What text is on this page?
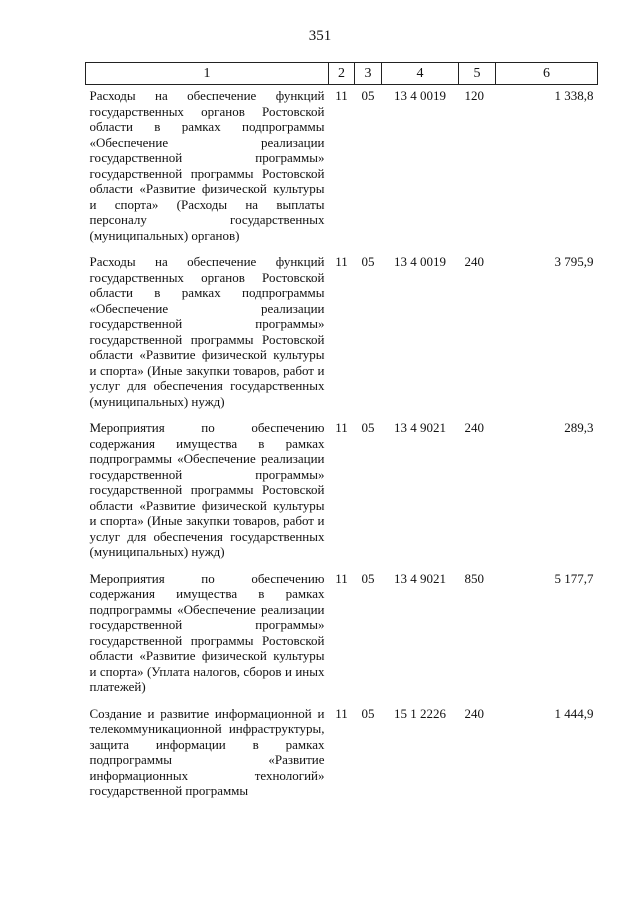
351
1	2	3	4	5	6
Расходы на обеспечение функций государственных органов Ростовской области в рамках подпрограммы «Обеспечение реализации государственной программы» государственной программы Ростовской области «Развитие физической культуры и спорта» (Расходы на выплаты персоналу государственных (муниципальных) органов)	11	05	13 4 0019	120	1 338,8
Расходы на обеспечение функций государственных органов Ростовской области в рамках подпрограммы «Обеспечение реализации государственной программы» государственной программы Ростовской области «Развитие физической культуры и спорта» (Иные закупки товаров, работ и услуг для обеспечения государственных (муниципальных) нужд)	11	05	13 4 0019	240	3 795,9
Мероприятия по обеспечению содержания имущества в рамках подпрограммы «Обеспечение реализации государственной программы» государственной программы Ростовской области «Развитие физической культуры и спорта» (Иные закупки товаров, работ и услуг для обеспечения государственных (муниципальных) нужд)	11	05	13 4 9021	240	289,3
Мероприятия по обеспечению содержания имущества в рамках подпрограммы «Обеспечение реализации государственной программы» государственной программы Ростовской области «Развитие физической культуры и спорта» (Уплата налогов, сборов и иных платежей)	11	05	13 4 9021	850	5 177,7
Создание и развитие информационной и телекоммуникационной инфраструктуры, защита информации в рамках подпрограммы «Развитие информационных технологий» государственной программы	11	05	15 1 2226	240	1 444,9
